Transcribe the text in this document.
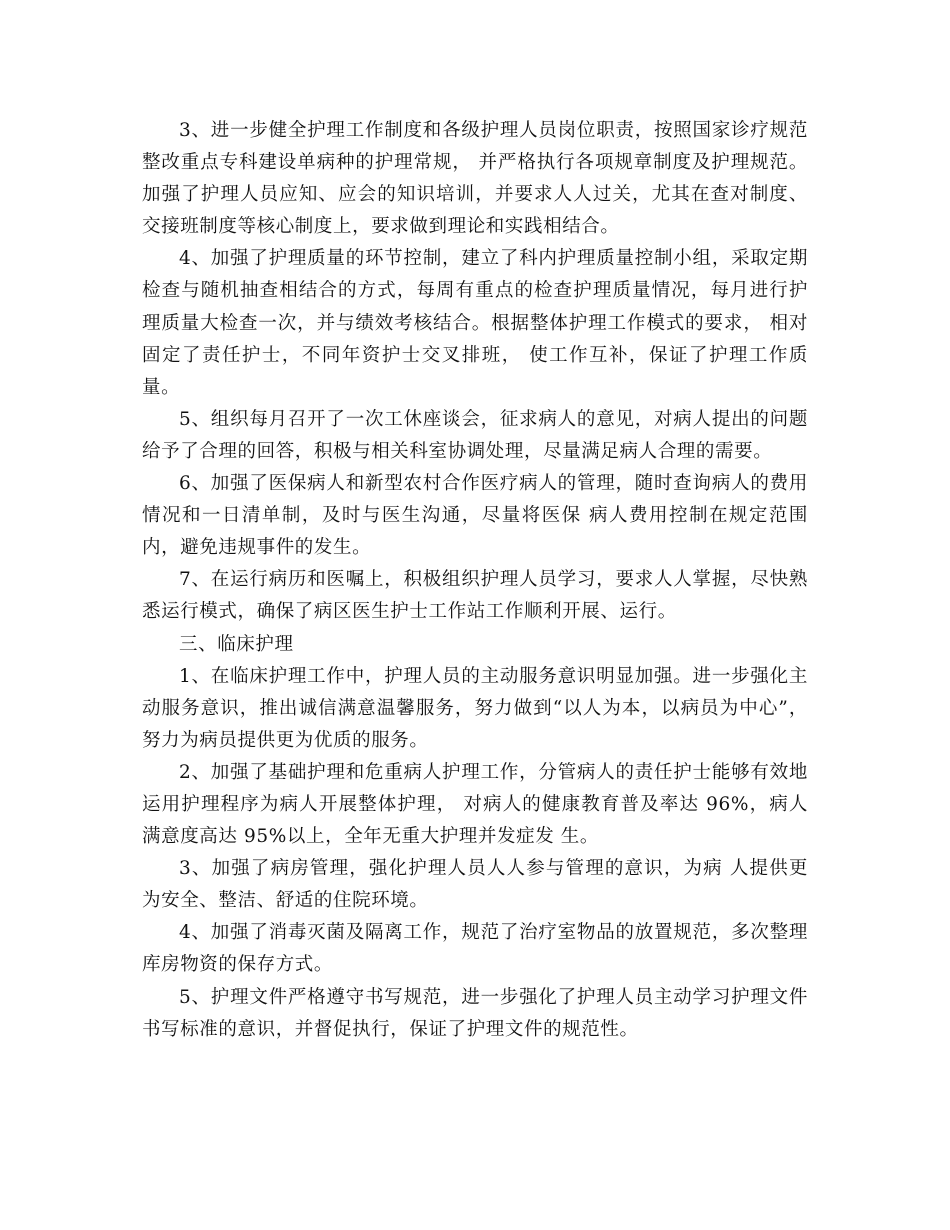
3、进一步健全护理工作制度和各级护理人员岗位职责，按照国家诊疗规范整改重点专科建设单病种的护理常规， 并严格执行各项规章制度及护理规范。加强了护理人员应知、应会的知识培训，并要求人人过关，尤其在查对制度、交接班制度等核心制度上，要求做到理论和实践相结合。

4、加强了护理质量的环节控制，建立了科内护理质量控制小组，采取定期检查与随机抽查相结合的方式，每周有重点的检查护理质量情况，每月进行护理质量大检查一次，并与绩效考核结合。根据整体护理工作模式的要求， 相对固定了责任护士，不同年资护士交叉排班， 使工作互补，保证了护理工作质量。

5、组织每月召开了一次工休座谈会，征求病人的意见，对病人提出的问题给予了合理的回答，积极与相关科室协调处理，尽量满足病人合理的需要。

6、加强了医保病人和新型农村合作医疗病人的管理，随时查询病人的费用情况和一日清单制，及时与医生沟通，尽量将医保 病人费用控制在规定范围内，避免违规事件的发生。

7、在运行病历和医嘱上，积极组织护理人员学习，要求人人掌握，尽快熟悉运行模式，确保了病区医生护士工作站工作顺利开展、运行。

三、临床护理

1、在临床护理工作中，护理人员的主动服务意识明显加强。进一步强化主动服务意识，推出诚信满意温馨服务，努力做到“以人为本，以病员为中心”，努力为病员提供更为优质的服务。

2、加强了基础护理和危重病人护理工作，分管病人的责任护士能够有效地运用护理程序为病人开展整体护理， 对病人的健康教育普及率达 96%，病人满意度高达 95%以上，全年无重大护理并发症发 生。

3、加强了病房管理，强化护理人员人人参与管理的意识，为病 人提供更为安全、整洁、舒适的住院环境。

4、加强了消毒灭菌及隔离工作，规范了治疗室物品的放置规范，多次整理库房物资的保存方式。

5、护理文件严格遵守书写规范，进一步强化了护理人员主动学习护理文件书写标准的意识，并督促执行，保证了护理文件的规范性。
